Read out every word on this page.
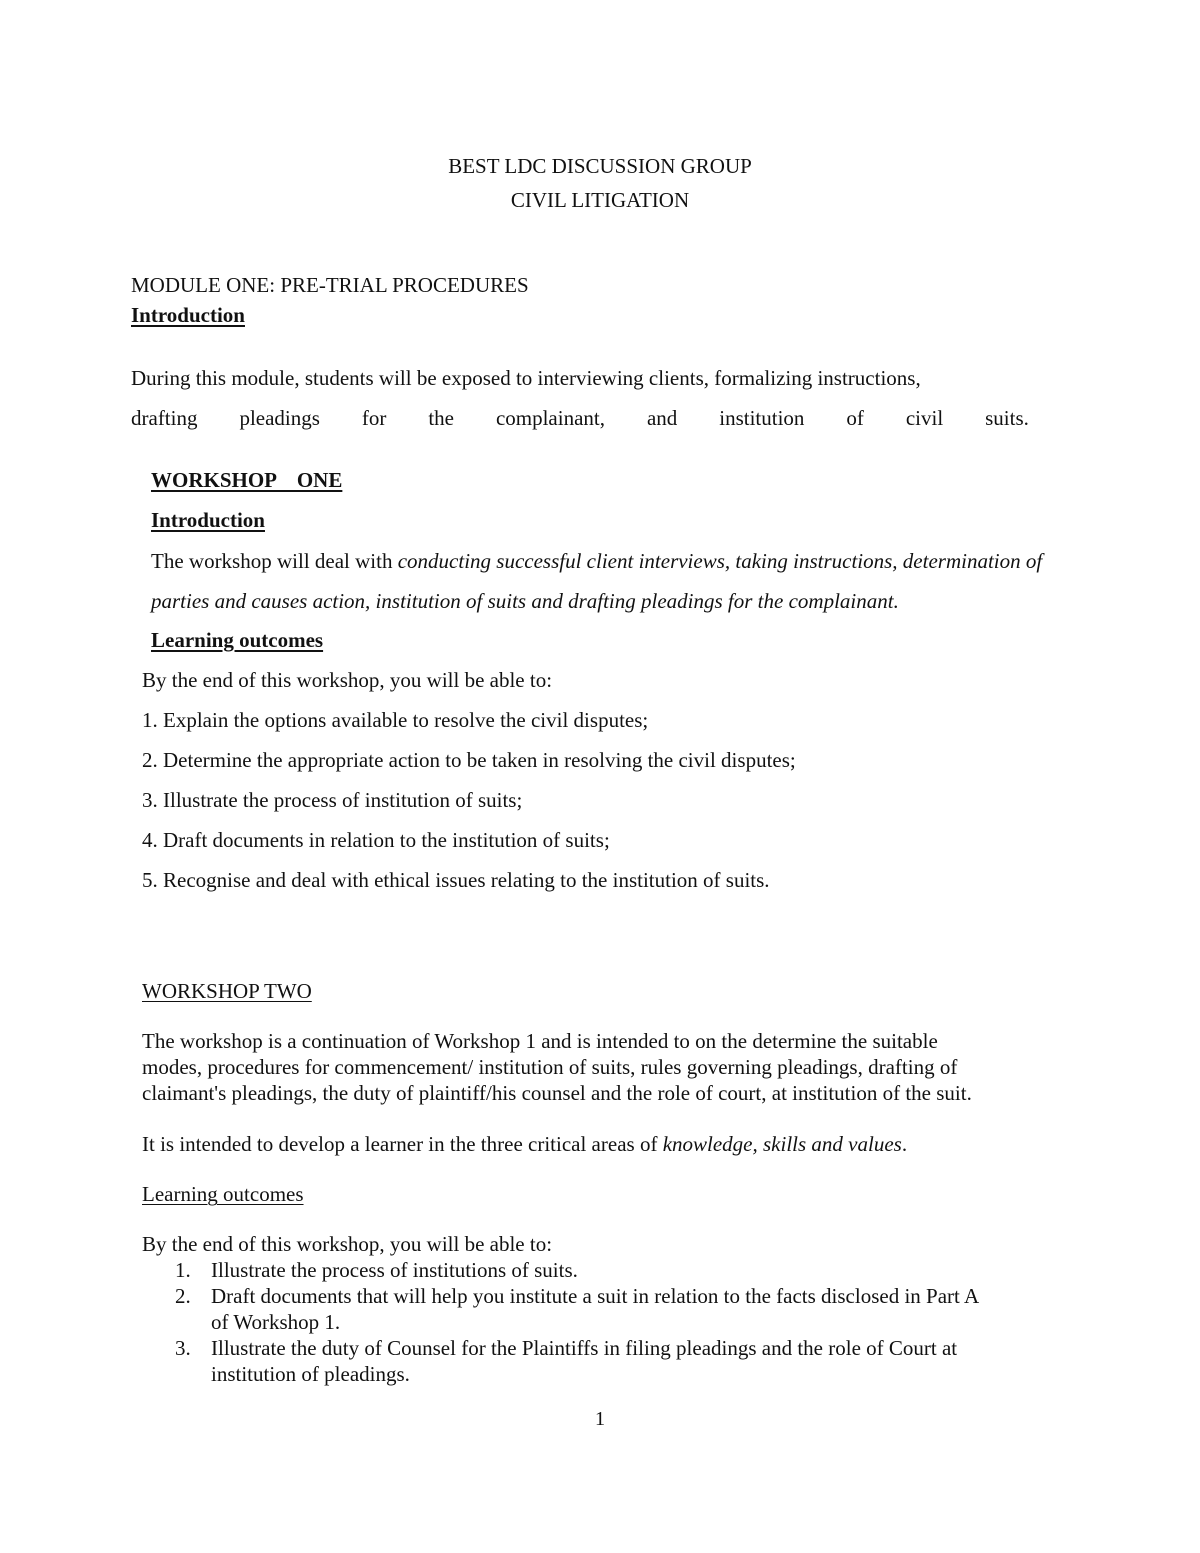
BEST LDC DISCUSSION GROUP
CIVIL LITIGATION
MODULE ONE: PRE-TRIAL PROCEDURES
Introduction
During this module, students will be exposed to interviewing clients, formalizing instructions,
drafting pleadings for the complainant, and institution of civil suits.
WORKSHOP    ONE
Introduction
The workshop will deal with conducting successful client interviews, taking instructions, determination of
parties and causes action, institution of suits and drafting pleadings for the complainant.
Learning outcomes
By the end of this workshop, you will be able to:
1. Explain the options available to resolve the civil disputes;
2. Determine the appropriate action to be taken in resolving the civil disputes;
3. Illustrate the process of institution of suits;
4. Draft documents in relation to the institution of suits;
5. Recognise and deal with ethical issues relating to the institution of suits.
WORKSHOP TWO
The workshop is a continuation of Workshop 1 and is intended to on the determine the suitable
modes, procedures for commencement/ institution of suits, rules governing pleadings, drafting of
claimant's pleadings, the duty of plaintiff/his counsel and the role of court, at institution of the suit.
It is intended to develop a learner in the three critical areas of knowledge, skills and values.
Learning outcomes
By the end of this workshop, you will be able to:
1. Illustrate the process of institutions of suits.
2. Draft documents that will help you institute a suit in relation to the facts disclosed in Part A
of Workshop 1.
3. Illustrate the duty of Counsel for the Plaintiffs in filing pleadings and the role of Court at
institution of pleadings.
1
